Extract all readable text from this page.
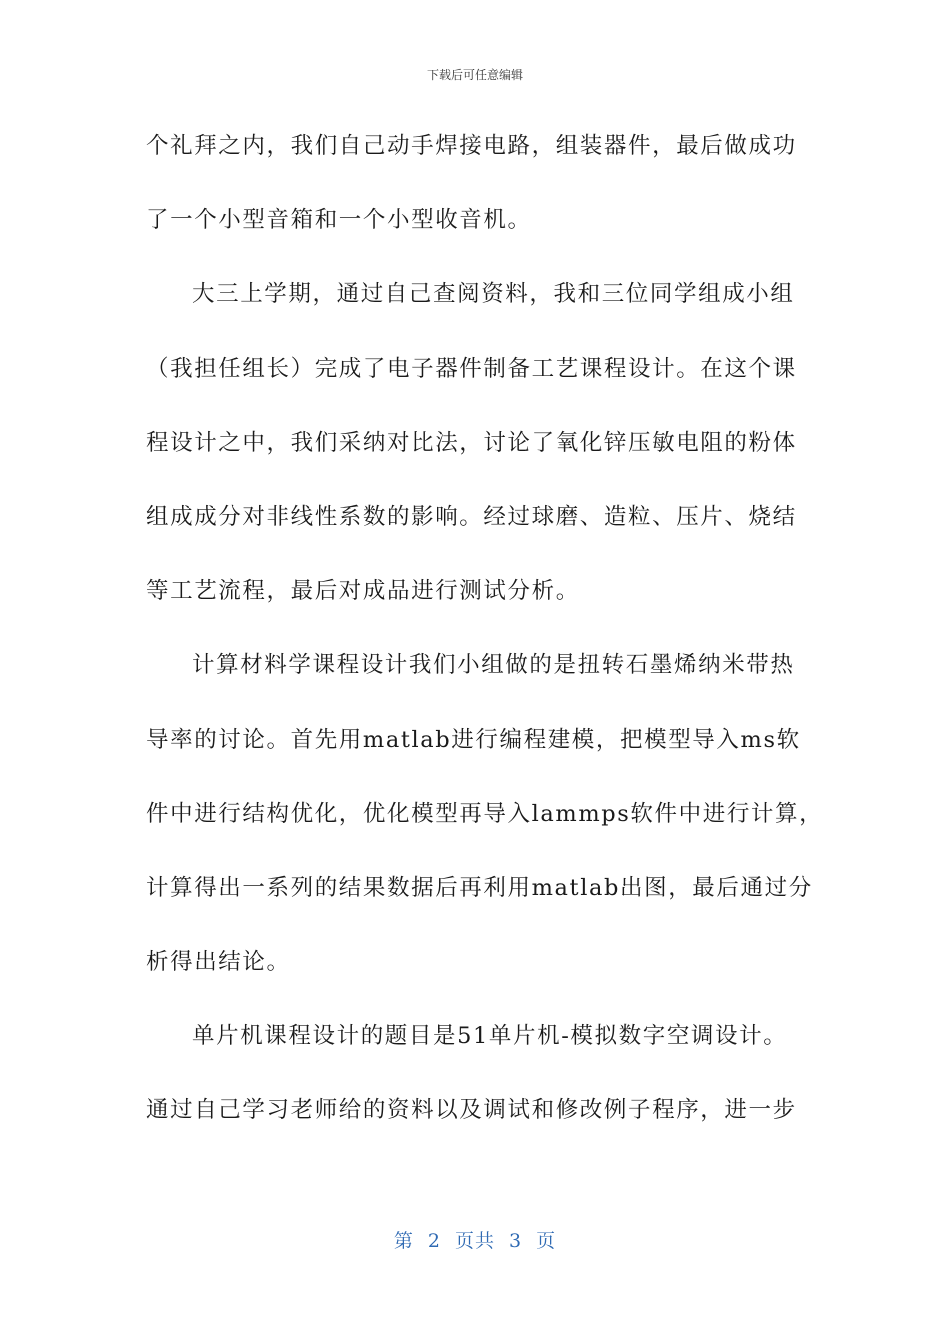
下载后可任意编辑
个礼拜之内，我们自己动手焊接电路，组装器件，最后做成功
了一个小型音箱和一个小型收音机。
大三上学期，通过自己查阅资料，我和三位同学组成小组
（我担任组长）完成了电子器件制备工艺课程设计。在这个课
程设计之中，我们采纳对比法，讨论了氧化锌压敏电阻的粉体
组成成分对非线性系数的影响。经过球磨、造粒、压片、烧结
等工艺流程，最后对成品进行测试分析。
计算材料学课程设计我们小组做的是扭转石墨烯纳米带热
导率的讨论。首先用matlab进行编程建模，把模型导入ms软
件中进行结构优化，优化模型再导入lammps软件中进行计算，
计算得出一系列的结果数据后再利用matlab出图，最后通过分
析得出结论。
单片机课程设计的题目是51单片机-模拟数字空调设计。
通过自己学习老师给的资料以及调试和修改例子程序，进一步
第 2 页共 3 页
